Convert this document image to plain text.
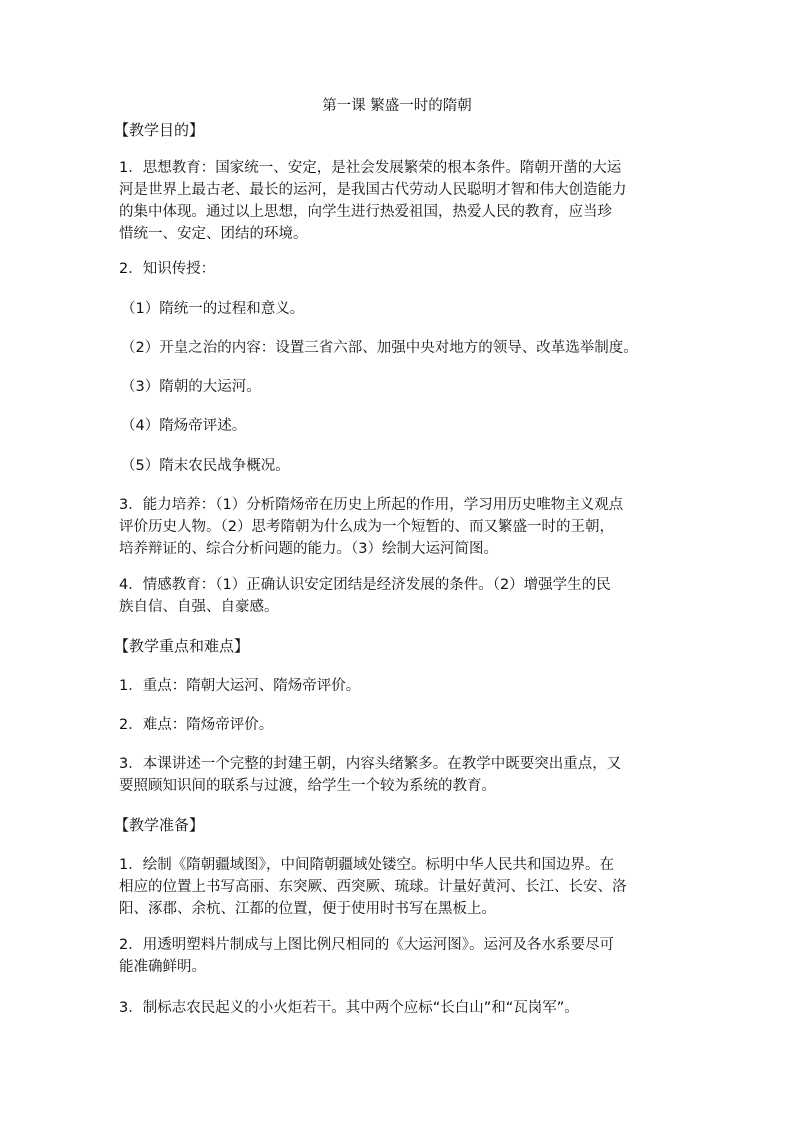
第一课 繁盛一时的隋朝
【教学目的】

1．思想教育：国家统一、安定，是社会发展繁荣的根本条件。隋朝开凿的大运
河是世界上最古老、最长的运河，是我国古代劳动人民聪明才智和伟大创造能力
的集中体现。通过以上思想，向学生进行热爱祖国，热爱人民的教育，应当珍
惜统一、安定、团结的环境。

2．知识传授：

（1）隋统一的过程和意义。

（2）开皇之治的内容：设置三省六部、加强中央对地方的领导、改革选举制度。

（3）隋朝的大运河。

（4）隋炀帝评述。

（5）隋末农民战争概况。

3．能力培养：（1）分析隋炀帝在历史上所起的作用，学习用历史唯物主义观点
评价历史人物。（2）思考隋朝为什么成为一个短暂的、而又繁盛一时的王朝，
培养辩证的、综合分析问题的能力。（3）绘制大运河简图。

4．情感教育：（1）正确认识安定团结是经济发展的条件。（2）增强学生的民
族自信、自强、自豪感。

【教学重点和难点】

1．重点：隋朝大运河、隋炀帝评价。

2．难点：隋炀帝评价。

3．本课讲述一个完整的封建王朝，内容头绪繁多。在教学中既要突出重点，又
要照顾知识间的联系与过渡，给学生一个较为系统的教育。

【教学准备】

1．绘制《隋朝疆域图》，中间隋朝疆域处镂空。标明中华人民共和国边界。在
相应的位置上书写高丽、东突厥、西突厥、琉球。计量好黄河、长江、长安、洛
阳、涿郡、余杭、江都的位置，便于使用时书写在黑板上。

2．用透明塑料片制成与上图比例尺相同的《大运河图》。运河及各水系要尽可
能准确鲜明。

3．制标志农民起义的小火炬若干。其中两个应标“长白山”和“瓦岗军”。
